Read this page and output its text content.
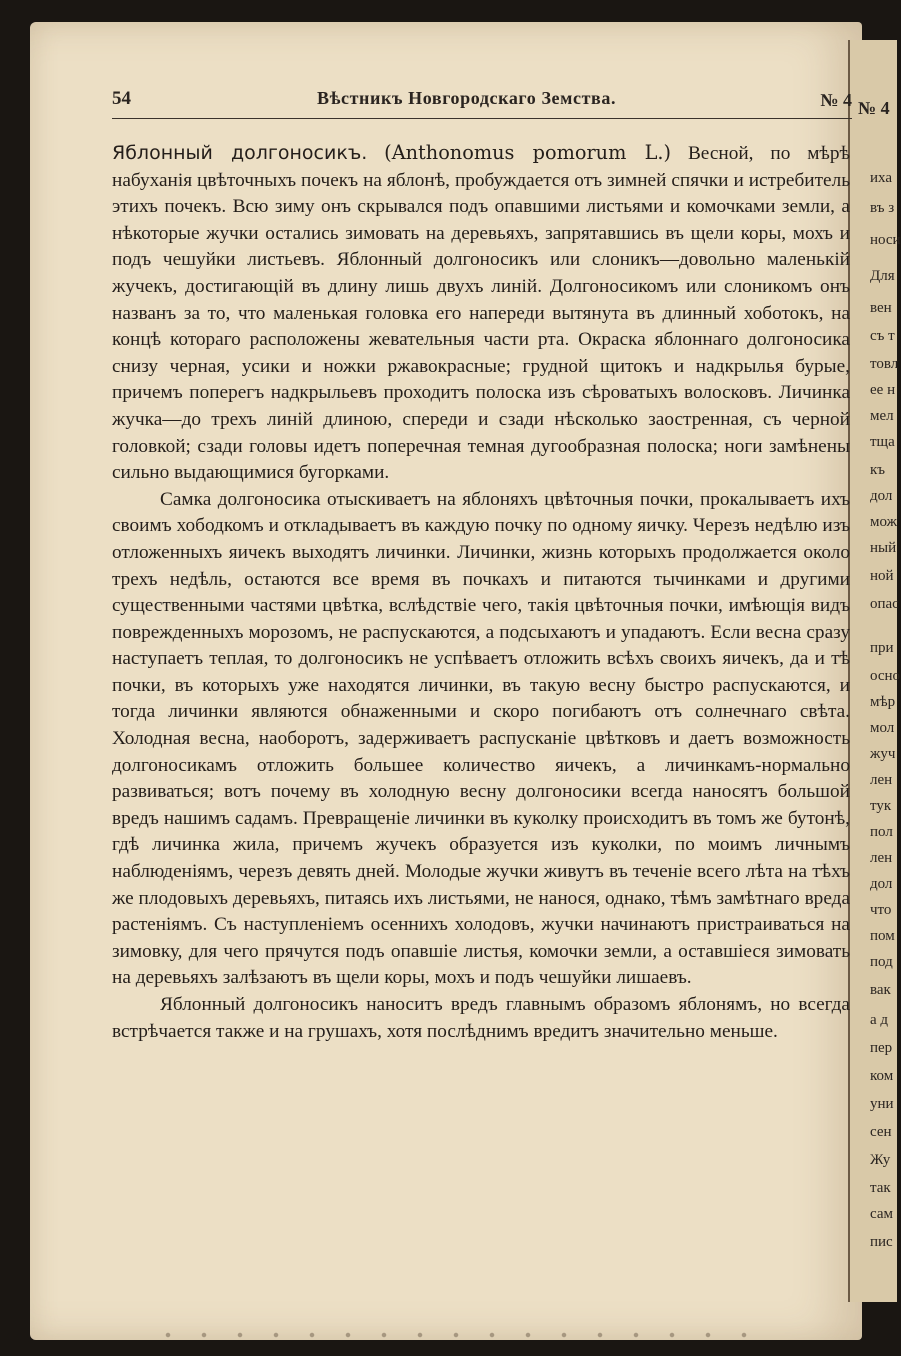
№ 4
иха
въ з
носи
Для
вен
съ т
товл
ее н
мел
тща
къ
дол
мож
ный
ной
опас
при
осно
мѣр
мол
жуч
лен
тук
пол
лен
дол
что
пом
под
вак
а д
пер
ком
уни
сен
Жу
так
сам
пис
54	Вѣстникъ Новгородскаго Земства.	№ 4

Яблонный долгоносикъ. (Anthonomus pomorum L.) Весной, по мѣрѣ набуханія цвѣточныхъ почекъ на яблонѣ, пробуждается отъ зимней спячки и истребитель этихъ почекъ. Всю зиму онъ скрывался подъ опавшими листьями и комочками земли, а нѣкоторые жучки остались зимовать на деревьяхъ, запрятавшись въ щели коры, мохъ и подъ чешуйки листьевъ. Яблонный долгоносикъ или слоникъ—довольно маленькій жучекъ, достигающій въ длину лишь двухъ линій. Долгоносикомъ или слоникомъ онъ названъ за то, что маленькая головка его напереди вытянута въ длинный хоботокъ, на концѣ котораго расположены жевательныя части рта. Окраска яблоннаго долгоносика снизу черная, усики и ножки ржавокрасные; грудной щитокъ и надкрылья бурые, причемъ поперегъ надкрыльевъ проходитъ полоска изъ сѣроватыхъ волосковъ. Личинка жучка—до трехъ линій длиною, спереди и сзади нѣсколько заостренная, съ черной головкой; сзади головы идетъ поперечная темная дугообразная полоска; ноги замѣнены сильно выдающимися бугорками.

Самка долгоносика отыскиваетъ на яблоняхъ цвѣточныя почки, прокалываетъ ихъ своимъ хободкомъ и откладываетъ въ каждую почку по одному яичку. Черезъ недѣлю изъ отложенныхъ яичекъ выходятъ личинки. Личинки, жизнь которыхъ продолжается около трехъ недѣль, остаются все время въ почкахъ и питаются тычинками и другими существенными частями цвѣтка, вслѣдствіе чего, такія цвѣточныя почки, имѣющія видъ поврежденныхъ морозомъ, не распускаются, а подсыхаютъ и упадаютъ. Если весна сразу наступаетъ теплая, то долгоносикъ не успѣваетъ отложить всѣхъ своихъ яичекъ, да и тѣ почки, въ которыхъ уже находятся личинки, въ такую весну быстро распускаются, и тогда личинки являются обнаженными и скоро погибаютъ отъ солнечнаго свѣта. Холодная весна, наоборотъ, задерживаетъ распусканіе цвѣтковъ и даетъ возможность долгоносикамъ отложить большее количество яичекъ, а личинкамъ-нормально развиваться; вотъ почему въ холодную весну долгоносики всегда наносятъ большой вредъ нашимъ садамъ. Превращеніе личинки въ куколку происходитъ въ томъ же бутонѣ, гдѣ личинка жила, причемъ жучекъ образуется изъ куколки, по моимъ личнымъ наблюденіямъ, черезъ девять дней. Молодые жучки живутъ въ теченіе всего лѣта на тѣхъ же плодовыхъ деревьяхъ, питаясь ихъ листьями, не нанося, однако, тѣмъ замѣтнаго вреда растеніямъ. Съ наступленіемъ осеннихъ холодовъ, жучки начинаютъ пристраиваться на зимовку, для чего прячутся подъ опавшіе листья, комочки земли, а оставшіеся зимовать на деревьяхъ залѣзаютъ въ щели коры, мохъ и подъ чешуйки лишаевъ.

Яблонный долгоносикъ наноситъ вредъ главнымъ образомъ яблонямъ, но всегда встрѣчается также и на грушахъ, хотя послѣднимъ вредитъ значительно меньше.
